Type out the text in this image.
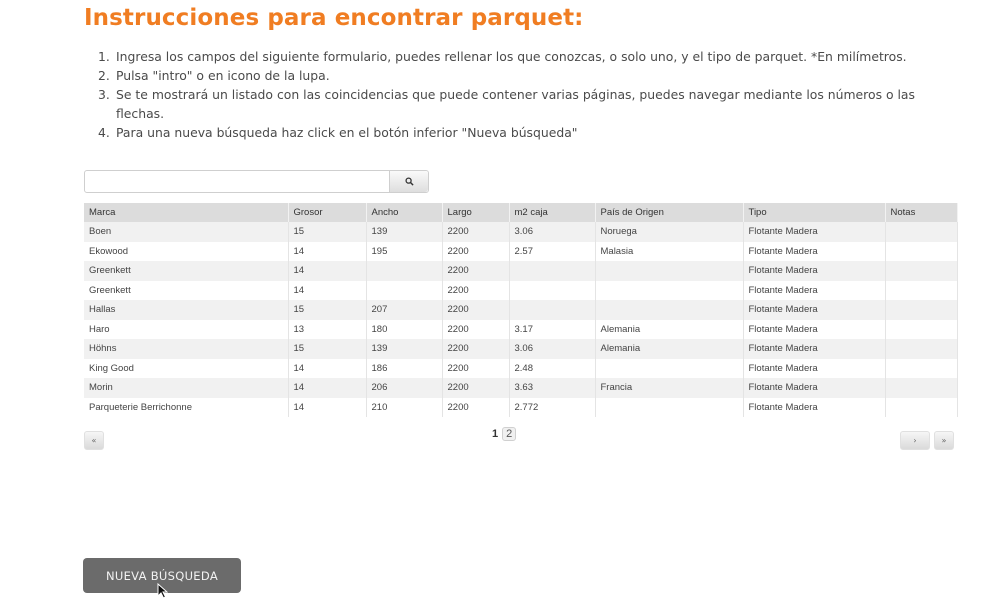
Instrucciones para encontrar parquet:
1. Ingresa los campos del siguiente formulario, puedes rellenar los que conozcas, o solo uno, y el tipo de parquet. *En milímetros.
2. Pulsa "intro" o en icono de la lupa.
3. Se te mostrará un listado con las coincidencias que puede contener varias páginas, puedes navegar mediante los números o las flechas.
4. Para una nueva búsqueda haz click en el botón inferior "Nueva búsqueda"
Marca	Grosor	Ancho	Largo	m2 caja	País de Origen	Tipo	Notas
Boen	15	139	2200	3.06	Noruega	Flotante Madera	
Ekowood	14	195	2200	2.57	Malasia	Flotante Madera	
Greenkett	14		2200			Flotante Madera	
Greenkett	14		2200			Flotante Madera	
Hallas	15	207	2200			Flotante Madera	
Haro	13	180	2200	3.17	Alemania	Flotante Madera	
Höhns	15	139	2200	3.06	Alemania	Flotante Madera	
King Good	14	186	2200	2.48		Flotante Madera	
Morin	14	206	2200	3.63	Francia	Flotante Madera	
Parqueterie Berrichonne	14	210	2200	2.772		Flotante Madera	
«
1 2
›	»
NUEVA BÚSQUEDA
